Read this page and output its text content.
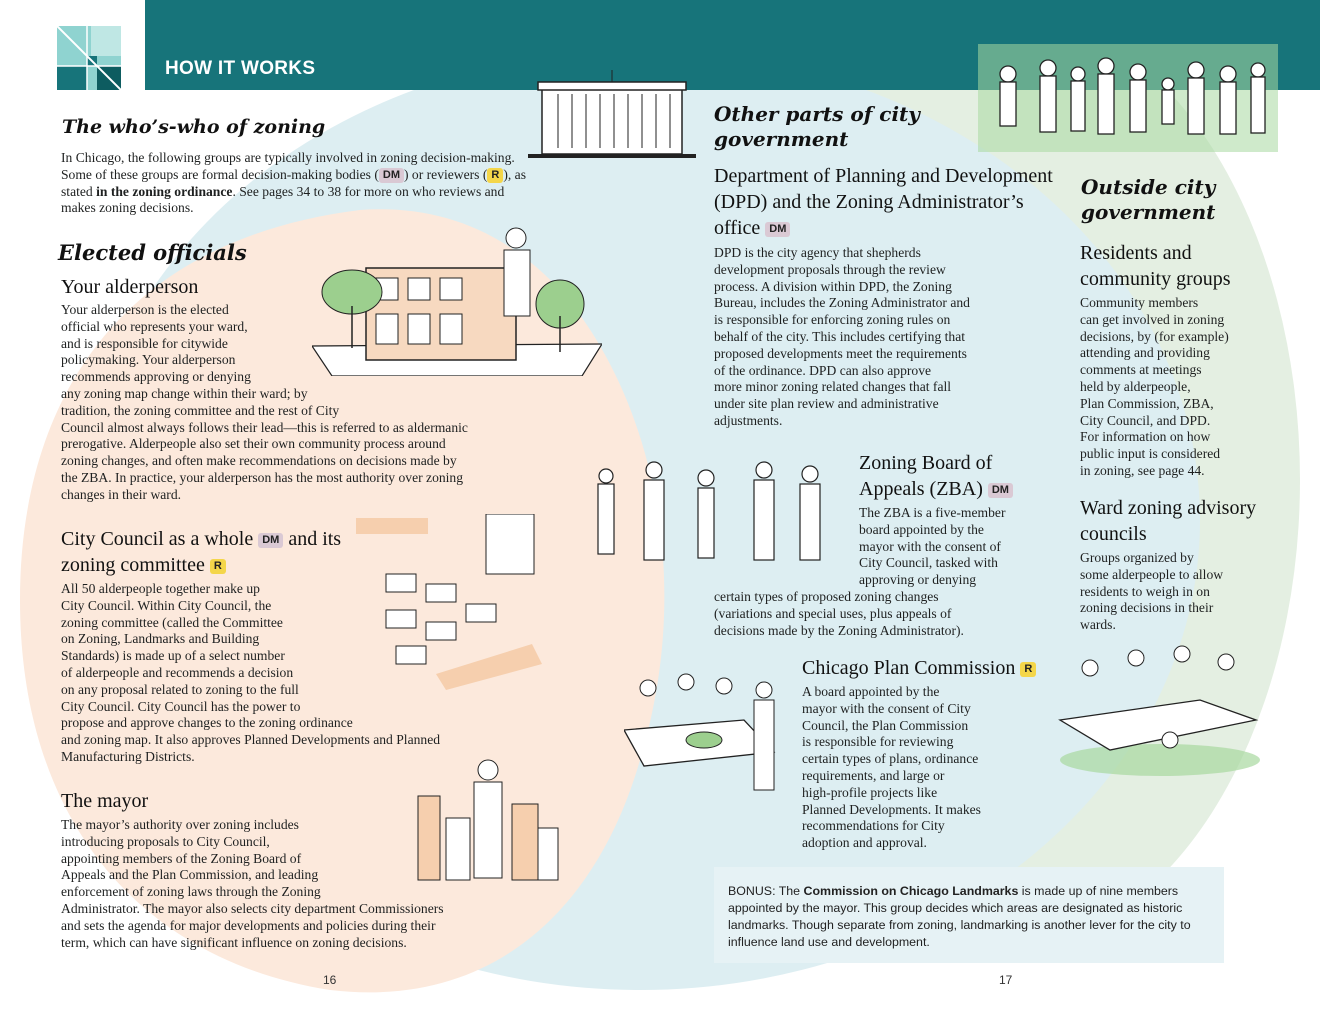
HOW IT WORKS
The who’s-who of zoning
In Chicago, the following groups are typically involved in zoning decision-making. Some of these groups are formal decision-making bodies ( DM ) or reviewers ( R ), as stated in the zoning ordinance. See pages 34 to 38 for more on who reviews and makes zoning decisions.
Elected officials
Your alderperson
Your alderperson is the elected
official who represents your ward,
and is responsible for citywide
policymaking. Your alderperson
recommends approving or denying
any zoning map change within their ward; by
tradition, the zoning committee and the rest of City
Council almost always follows their lead—this is referred to as aldermanic
prerogative. Alderpeople also set their own community process around
zoning changes, and often make recommendations on decisions made by
the ZBA. In practice, your alderperson has the most authority over zoning
changes in their ward.
City Council as a whole DM and its
zoning committee R
All 50 alderpeople together make up
City Council. Within City Council, the
zoning committee (called the Committee
on Zoning, Landmarks and Building
Standards) is made up of a select number
of alderpeople and recommends a decision
on any proposal related to zoning to the full
City Council. City Council has the power to
propose and approve changes to the zoning ordinance
and zoning map. It also approves Planned Developments and Planned
Manufacturing Districts.
The mayor
The mayor’s authority over zoning includes
introducing proposals to City Council,
appointing members of the Zoning Board of
Appeals and the Plan Commission, and leading
enforcement of zoning laws through the Zoning
Administrator. The mayor also selects city department Commissioners
and sets the agenda for major developments and policies during their
term, which can have significant influence on zoning decisions.
Other parts of city
government
Department of Planning and Development
(DPD) and the Zoning Administrator’s
office DM
DPD is the city agency that shepherds
development proposals through the review
process. A division within DPD, the Zoning
Bureau, includes the Zoning Administrator and
is responsible for enforcing zoning rules on
behalf of the city. This includes certifying that
proposed developments meet the requirements
of the ordinance. DPD can also approve
more minor zoning related changes that fall
under site plan review and administrative
adjustments.
Zoning Board of
Appeals (ZBA) DM
The ZBA is a five-member
board appointed by the
mayor with the consent of
City Council, tasked with
approving or denying
certain types of proposed zoning changes
(variations and special uses, plus appeals of
decisions made by the Zoning Administrator).
Chicago Plan Commission R
A board appointed by the
mayor with the consent of City
Council, the Plan Commission
is responsible for reviewing
certain types of plans, ordinance
requirements, and large or
high-profile projects like
Planned Developments. It makes
recommendations for City
adoption and approval.
Outside city
government
Residents and
community groups
Community members
can get involved in zoning
decisions, by (for example)
attending and providing
comments at meetings
held by alderpeople,
Plan Commission, ZBA,
City Council, and DPD.
For information on how
public input is considered
in zoning, see page 44.
Ward zoning advisory
councils
Groups organized by
some alderpeople to allow
residents to weigh in on
zoning decisions in their
wards.
BONUS: The Commission on Chicago Landmarks is made up of nine members appointed by the mayor. This group decides which areas are designated as historic landmarks. Though separate from zoning, landmarking is another lever for the city to influence land use and development.
16	17
